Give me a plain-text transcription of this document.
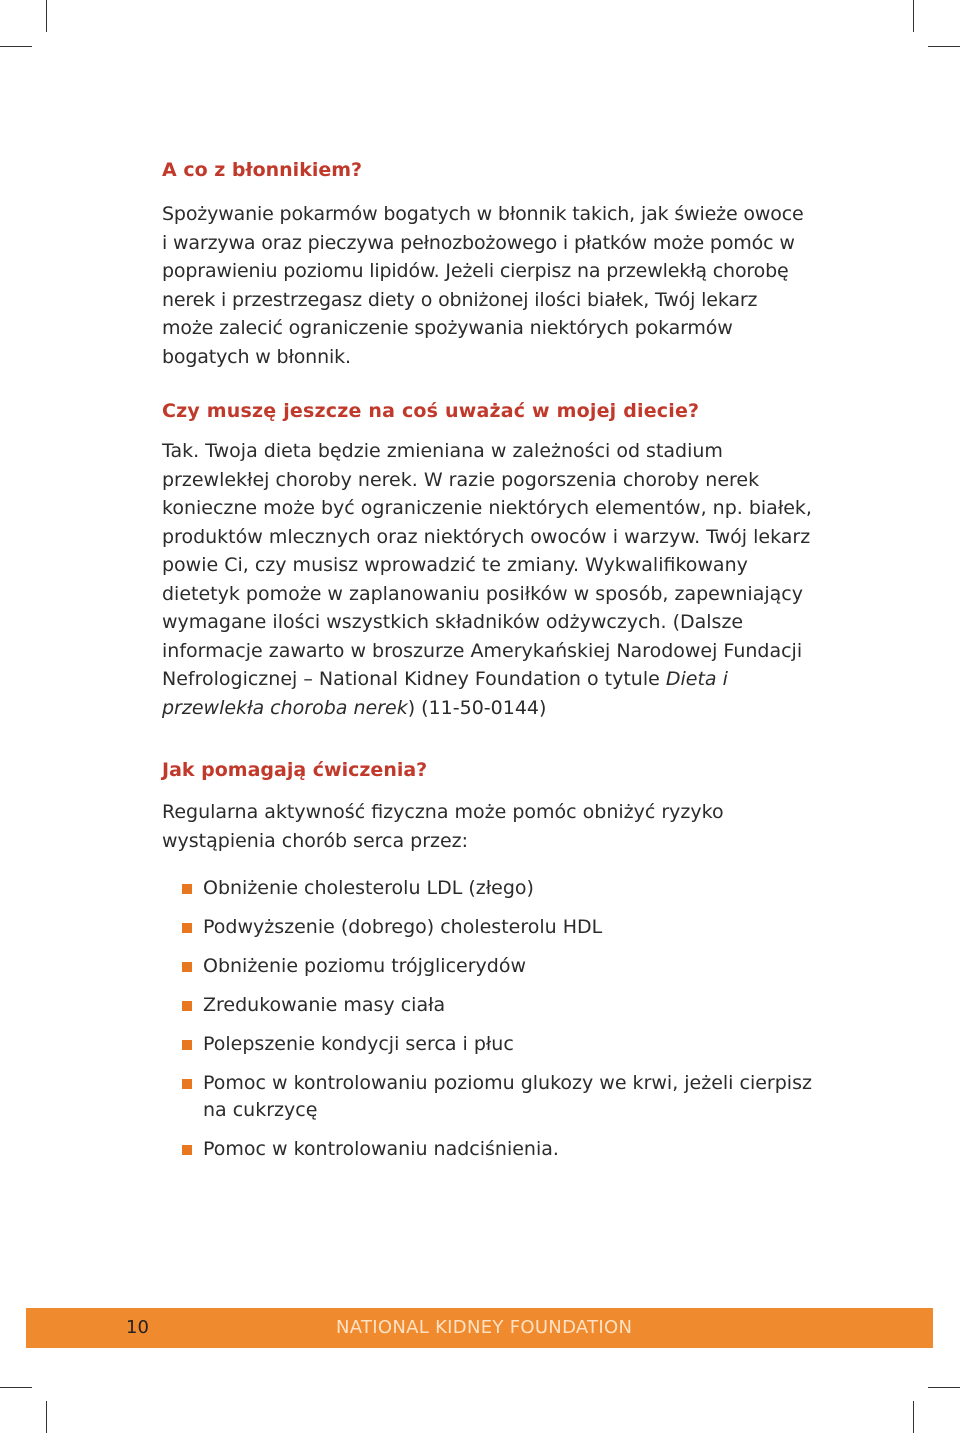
A co z błonnikiem?

Spożywanie pokarmów bogatych w błonnik takich, jak świeże owoce i warzywa oraz pieczywa pełnozbożowego i płatków może pomóc w poprawieniu poziomu lipidów. Jeżeli cierpisz na przewlekłą chorobę nerek i przestrzegasz diety o obniżonej ilości białek, Twój lekarz może zalecić ograniczenie spożywania niektórych pokarmów bogatych w błonnik.

Czy muszę jeszcze na coś uważać w mojej diecie?

Tak. Twoja dieta będzie zmieniana w zależności od stadium przewlekłej choroby nerek. W razie pogorszenia choroby nerek konieczne może być ograniczenie niektórych elementów, np. białek, produktów mlecznych oraz niektórych owoców i warzyw. Twój lekarz powie Ci, czy musisz wprowadzić te zmiany. Wykwalifikowany dietetyk pomoże w zaplanowaniu posiłków w sposób, zapewniający wymagane ilości wszystkich składników odżywczych. (Dalsze informacje zawarto w broszurze Amerykańskiej Narodowej Fundacji Nefrologicznej – National Kidney Foundation o tytule Dieta i przewlekła choroba nerek) (11-50-0144)

Jak pomagają ćwiczenia?

Regularna aktywność fizyczna może pomóc obniżyć ryzyko wystąpienia chorób serca przez:

Obniżenie cholesterolu LDL (złego)
Podwyższenie (dobrego) cholesterolu HDL
Obniżenie poziomu trójglicerydów
Zredukowanie masy ciała
Polepszenie kondycji serca i płuc
Pomoc w kontrolowaniu poziomu glukozy we krwi, jeżeli cierpisz na cukrzycę
Pomoc w kontrolowaniu nadciśnienia.
10	NATIONAL KIDNEY FOUNDATION
